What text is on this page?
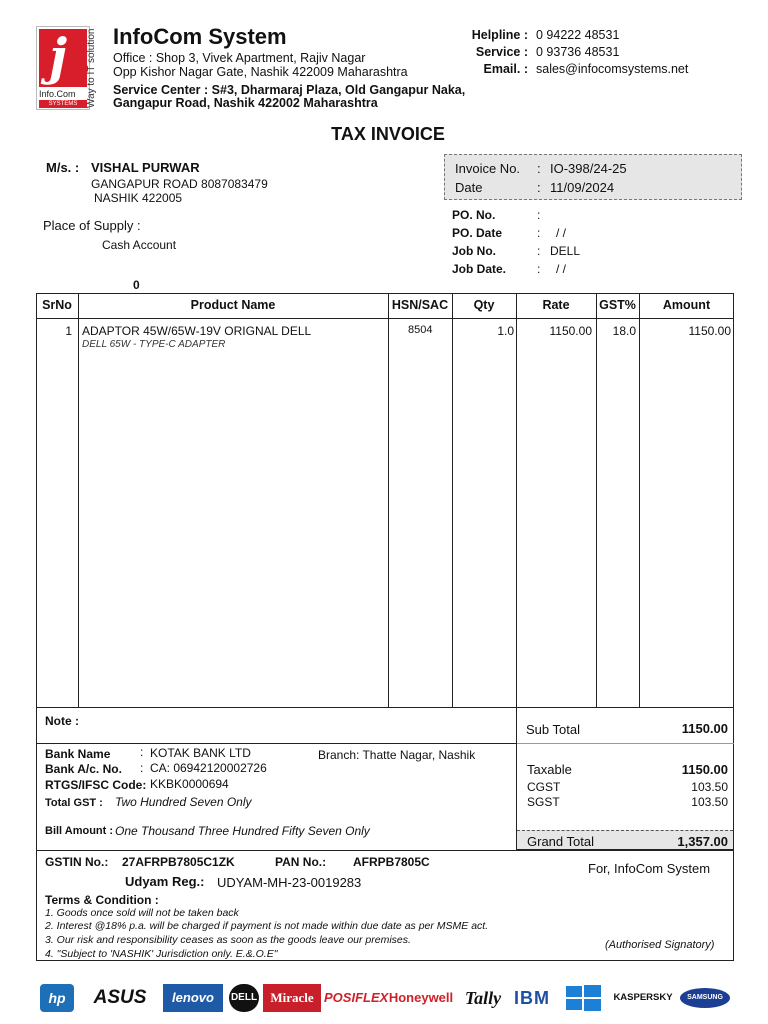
j
Info.Com
SYSTEMS Way to IT solution InfoCom System
Office : Shop 3, Vivek Apartment, Rajiv Nagar
Opp Kishor Nagar Gate, Nashik 422009 Maharashtra
Service Center : S#3, Dharmaraj Plaza, Old Gangapur Naka,
Gangapur Road, Nashik 422002 Maharashtra
Helpline : 0 94222 48531
Service : 0 93736 48531
Email. : sales@infocomsystems.net
TAX INVOICE
M/s. : VISHAL PURWAR
GANGAPUR ROAD 8087083479
NASHIK 422005
Place of Supply :
Cash Account
0
Invoice No. : IO-398/24-25
Date	: 11/09/2024
PO. No.	:
PO. Date	: / /
Job No.	: DELL
Job Date.	: / /
SrNo	Product Name	HSN/SAC	Qty	Rate	GST%	Amount
1 ADAPTOR 45W/65W-19V ORIGNAL DELL
DELL 65W - TYPE-C ADAPTER
8504	1.0	1150.00	18.0	1150.00
Note :
Bank Name : KOTAK BANK LTD	Branch: Thatte Nagar, Nashik
Bank A/c. No. : CA: 06942120002726
RTGS/IFSC Code: KKBK0000694
Total GST : Two Hundred Seven Only
Bill Amount : One Thousand Three Hundred Fifty Seven Only
Sub Total	1150.00
Taxable	1150.00
CGST	103.50
SGST	103.50
Grand Total	1,357.00
GSTIN No.: 27AFRPB7805C1ZK	PAN No.: AFRPB7805C
Udyam Reg.: UDYAM-MH-23-0019283
For, InfoCom System
Terms & Condition :
1. Goods once sold will not be taken back
2. Interest @18% p.a. will be charged if payment is not made within due date as per MSME act.
3. Our risk and responsibility ceases as soon as the goods leave our premises.
4. "Subject to 'NASHIK' Jurisdiction only. E.&.O.E"
(Authorised Signatory)
hp	ASUS	lenovo	DELL	Miracle POSIFLEX Honeywell Tally IBM	KASPERSKY	SAMSUNG
